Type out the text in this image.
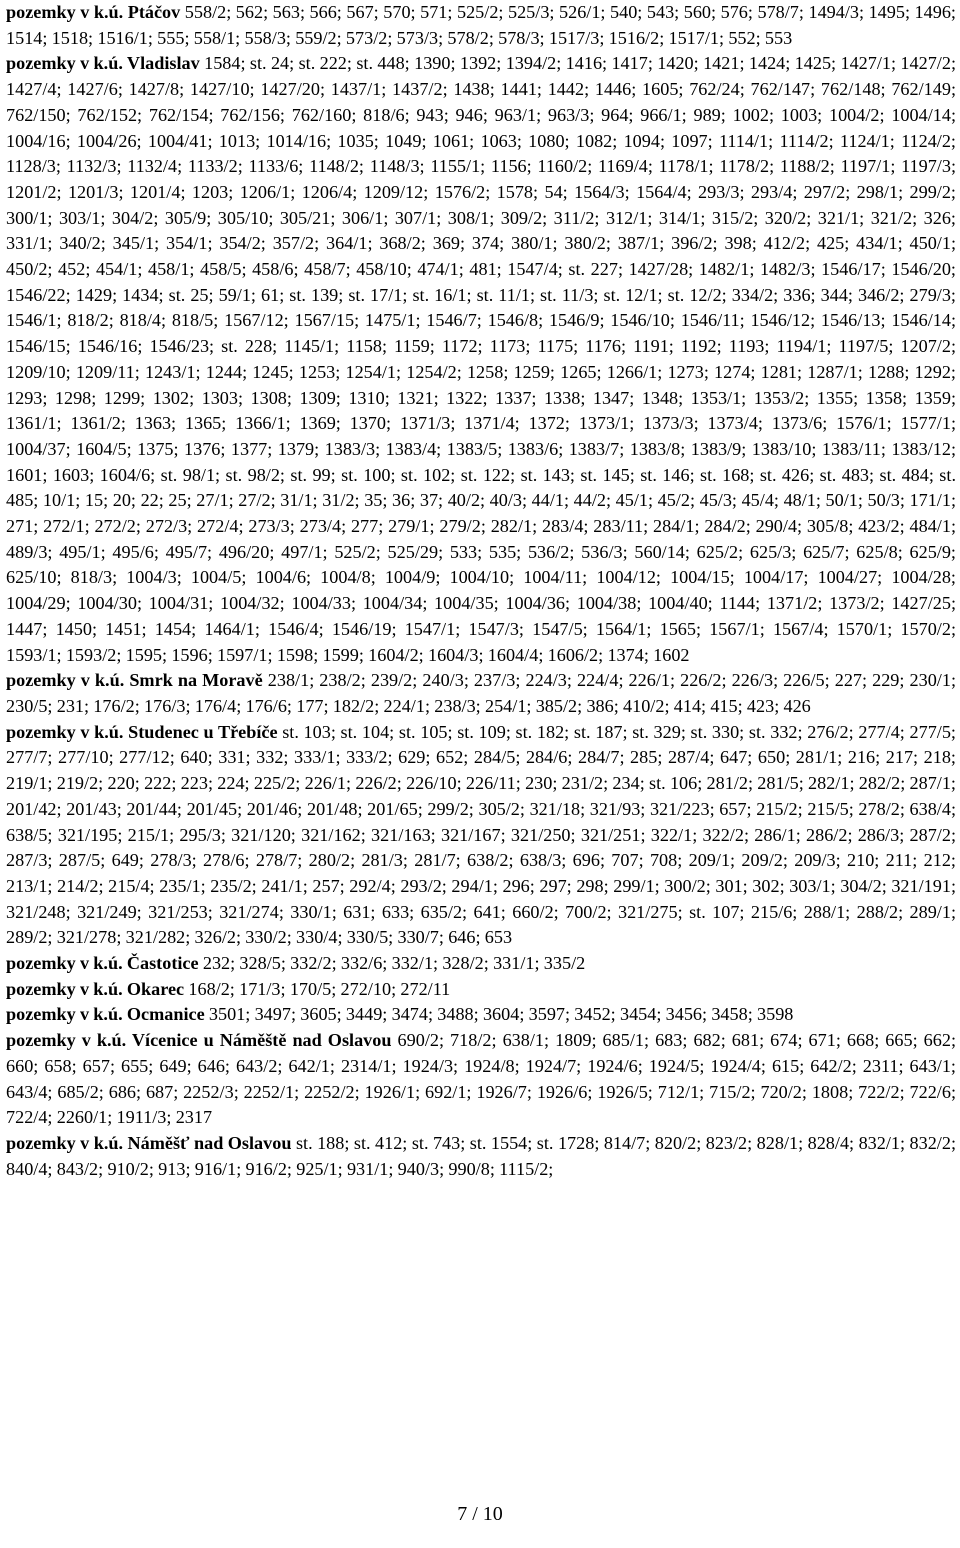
pozemky v k.ú. Ptáčov 558/2; 562; 563; 566; 567; 570; 571; 525/2; 525/3; 526/1; 540; 543; 560; 576; 578/7; 1494/3; 1495; 1496; 1514; 1518; 1516/1; 555; 558/1; 558/3; 559/2; 573/2; 573/3; 578/2; 578/3; 1517/3; 1516/2; 1517/1; 552; 553

pozemky v k.ú. Vladislav 1584; st. 24; st. 222; st. 448; 1390; 1392; 1394/2; 1416; 1417; 1420; 1421; 1424; 1425; 1427/1; 1427/2; 1427/4; 1427/6; 1427/8; 1427/10; 1427/20; 1437/1; 1437/2; 1438; 1441; 1442; 1446; 1605; 762/24; 762/147; 762/148; 762/149; 762/150; 762/152; 762/154; 762/156; 762/160; 818/6; 943; 946; 963/1; 963/3; 964; 966/1; 989; 1002; 1003; 1004/2; 1004/14; 1004/16; 1004/26; 1004/41; 1013; 1014/16; 1035; 1049; 1061; 1063; 1080; 1082; 1094; 1097; 1114/1; 1114/2; 1124/1; 1124/2; 1128/3; 1132/3; 1132/4; 1133/2; 1133/6; 1148/2; 1148/3; 1155/1; 1156; 1160/2; 1169/4; 1178/1; 1178/2; 1188/2; 1197/1; 1197/3; 1201/2; 1201/3; 1201/4; 1203; 1206/1; 1206/4; 1209/12; 1576/2; 1578; 54; 1564/3; 1564/4; 293/3; 293/4; 297/2; 298/1; 299/2; 300/1; 303/1; 304/2; 305/9; 305/10; 305/21; 306/1; 307/1; 308/1; 309/2; 311/2; 312/1; 314/1; 315/2; 320/2; 321/1; 321/2; 326; 331/1; 340/2; 345/1; 354/1; 354/2; 357/2; 364/1; 368/2; 369; 374; 380/1; 380/2; 387/1; 396/2; 398; 412/2; 425; 434/1; 450/1; 450/2; 452; 454/1; 458/1; 458/5; 458/6; 458/7; 458/10; 474/1; 481; 1547/4; st. 227; 1427/28; 1482/1; 1482/3; 1546/17; 1546/20; 1546/22; 1429; 1434; st. 25; 59/1; 61; st. 139; st. 17/1; st. 16/1; st. 11/1; st. 11/3; st. 12/1; st. 12/2; 334/2; 336; 344; 346/2; 279/3; 1546/1; 818/2; 818/4; 818/5; 1567/12; 1567/15; 1475/1; 1546/7; 1546/8; 1546/9; 1546/10; 1546/11; 1546/12; 1546/13; 1546/14; 1546/15; 1546/16; 1546/23; st. 228; 1145/1; 1158; 1159; 1172; 1173; 1175; 1176; 1191; 1192; 1193; 1194/1; 1197/5; 1207/2; 1209/10; 1209/11; 1243/1; 1244; 1245; 1253; 1254/1; 1254/2; 1258; 1259; 1265; 1266/1; 1273; 1274; 1281; 1287/1; 1288; 1292; 1293; 1298; 1299; 1302; 1303; 1308; 1309; 1310; 1321; 1322; 1337; 1338; 1347; 1348; 1353/1; 1353/2; 1355; 1358; 1359; 1361/1; 1361/2; 1363; 1365; 1366/1; 1369; 1370; 1371/3; 1371/4; 1372; 1373/1; 1373/3; 1373/4; 1373/6; 1576/1; 1577/1; 1004/37; 1604/5; 1375; 1376; 1377; 1379; 1383/3; 1383/4; 1383/5; 1383/6; 1383/7; 1383/8; 1383/9; 1383/10; 1383/11; 1383/12; 1601; 1603; 1604/6; st. 98/1; st. 98/2; st. 99; st. 100; st. 102; st. 122; st. 143; st. 145; st. 146; st. 168; st. 426; st. 483; st. 484; st. 485; 10/1; 15; 20; 22; 25; 27/1; 27/2; 31/1; 31/2; 35; 36; 37; 40/2; 40/3; 44/1; 44/2; 45/1; 45/2; 45/3; 45/4; 48/1; 50/1; 50/3; 171/1; 271; 272/1; 272/2; 272/3; 272/4; 273/3; 273/4; 277; 279/1; 279/2; 282/1; 283/4; 283/11; 284/1; 284/2; 290/4; 305/8; 423/2; 484/1; 489/3; 495/1; 495/6; 495/7; 496/20; 497/1; 525/2; 525/29; 533; 535; 536/2; 536/3; 560/14; 625/2; 625/3; 625/7; 625/8; 625/9; 625/10; 818/3; 1004/3; 1004/5; 1004/6; 1004/8; 1004/9; 1004/10; 1004/11; 1004/12; 1004/15; 1004/17; 1004/27; 1004/28; 1004/29; 1004/30; 1004/31; 1004/32; 1004/33; 1004/34; 1004/35; 1004/36; 1004/38; 1004/40; 1144; 1371/2; 1373/2; 1427/25; 1447; 1450; 1451; 1454; 1464/1; 1546/4; 1546/19; 1547/1; 1547/3; 1547/5; 1564/1; 1565; 1567/1; 1567/4; 1570/1; 1570/2; 1593/1; 1593/2; 1595; 1596; 1597/1; 1598; 1599; 1604/2; 1604/3; 1604/4; 1606/2; 1374; 1602

pozemky v k.ú. Smrk na Moravě 238/1; 238/2; 239/2; 240/3; 237/3; 224/3; 224/4; 226/1; 226/2; 226/3; 226/5; 227; 229; 230/1; 230/5; 231; 176/2; 176/3; 176/4; 176/6; 177; 182/2; 224/1; 238/3; 254/1; 385/2; 386; 410/2; 414; 415; 423; 426

pozemky v k.ú. Studenec u Třebíče st. 103; st. 104; st. 105; st. 109; st. 182; st. 187; st. 329; st. 330; st. 332; 276/2; 277/4; 277/5; 277/7; 277/10; 277/12; 640; 331; 332; 333/1; 333/2; 629; 652; 284/5; 284/6; 284/7; 285; 287/4; 647; 650; 281/1; 216; 217; 218; 219/1; 219/2; 220; 222; 223; 224; 225/2; 226/1; 226/2; 226/10; 226/11; 230; 231/2; 234; st. 106; 281/2; 281/5; 282/1; 282/2; 287/1; 201/42; 201/43; 201/44; 201/45; 201/46; 201/48; 201/65; 299/2; 305/2; 321/18; 321/93; 321/223; 657; 215/2; 215/5; 278/2; 638/4; 638/5; 321/195; 215/1; 295/3; 321/120; 321/162; 321/163; 321/167; 321/250; 321/251; 322/1; 322/2; 286/1; 286/2; 286/3; 287/2; 287/3; 287/5; 649; 278/3; 278/6; 278/7; 280/2; 281/3; 281/7; 638/2; 638/3; 696; 707; 708; 209/1; 209/2; 209/3; 210; 211; 212; 213/1; 214/2; 215/4; 235/1; 235/2; 241/1; 257; 292/4; 293/2; 294/1; 296; 297; 298; 299/1; 300/2; 301; 302; 303/1; 304/2; 321/191; 321/248; 321/249; 321/253; 321/274; 330/1; 631; 633; 635/2; 641; 660/2; 700/2; 321/275; st. 107; 215/6; 288/1; 288/2; 289/1; 289/2; 321/278; 321/282; 326/2; 330/2; 330/4; 330/5; 330/7; 646; 653

pozemky v k.ú. Častotice 232; 328/5; 332/2; 332/6; 332/1; 328/2; 331/1; 335/2

pozemky v k.ú. Okarec 168/2; 171/3; 170/5; 272/10; 272/11

pozemky v k.ú. Ocmanice 3501; 3497; 3605; 3449; 3474; 3488; 3604; 3597; 3452; 3454; 3456; 3458; 3598

pozemky v k.ú. Vícenice u Náměště nad Oslavou 690/2; 718/2; 638/1; 1809; 685/1; 683; 682; 681; 674; 671; 668; 665; 662; 660; 658; 657; 655; 649; 646; 643/2; 642/1; 2314/1; 1924/3; 1924/8; 1924/7; 1924/6; 1924/5; 1924/4; 615; 642/2; 2311; 643/1; 643/4; 685/2; 686; 687; 2252/3; 2252/1; 2252/2; 1926/1; 692/1; 1926/7; 1926/6; 1926/5; 712/1; 715/2; 720/2; 1808; 722/2; 722/6; 722/4; 2260/1; 1911/3; 2317

pozemky v k.ú. Náměšť nad Oslavou st. 188; st. 412; st. 743; st. 1554; st. 1728; 814/7; 820/2; 823/2; 828/1; 828/4; 832/1; 832/2; 840/4; 843/2; 910/2; 913; 916/1; 916/2; 925/1; 931/1; 940/3; 990/8; 1115/2;

7 / 10
